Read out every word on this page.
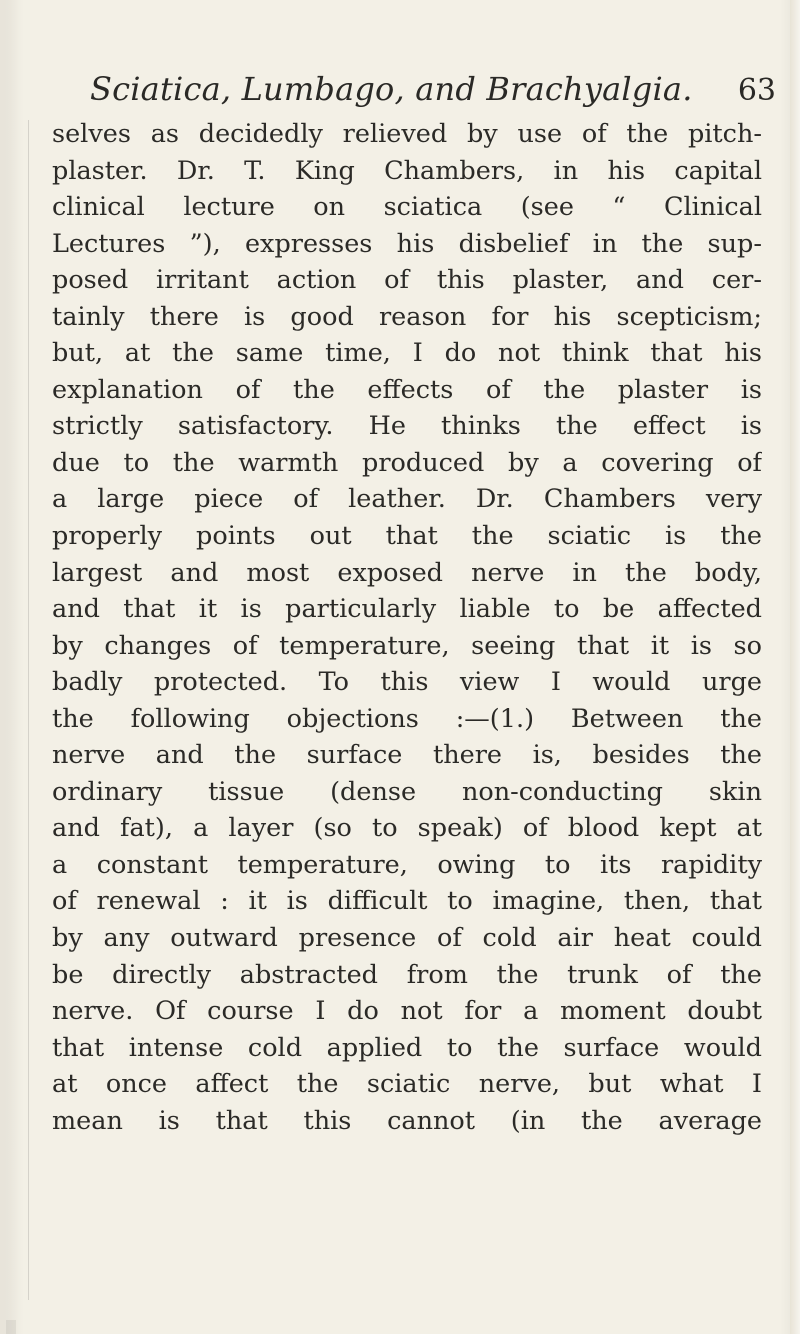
Sciatica, Lumbago, and Brachyalgia. 63
selves as decidedly relieved by use of the pitch-
plaster. Dr. T. King Chambers, in his capital
clinical lecture on sciatica (see “ Clinical
Lectures ”), expresses his disbelief in the sup-
posed irritant action of this plaster, and cer-
tainly there is good reason for his scepticism;
but, at the same time, I do not think that his
explanation of the effects of the plaster is
strictly satisfactory. He thinks the effect is
due to the warmth produced by a covering of
a large piece of leather. Dr. Chambers very
properly points out that the sciatic is the
largest and most exposed nerve in the body,
and that it is particularly liable to be affected
by changes of temperature, seeing that it is so
badly protected. To this view I would urge
the following objections :—(1.) Between the
nerve and the surface there is, besides the
ordinary tissue (dense non-conducting skin
and fat), a layer (so to speak) of blood kept at
a constant temperature, owing to its rapidity
of renewal : it is difficult to imagine, then, that
by any outward presence of cold air heat could
be directly abstracted from the trunk of the
nerve. Of course I do not for a moment doubt
that intense cold applied to the surface would
at once affect the sciatic nerve, but what I
mean is that this cannot (in the average
